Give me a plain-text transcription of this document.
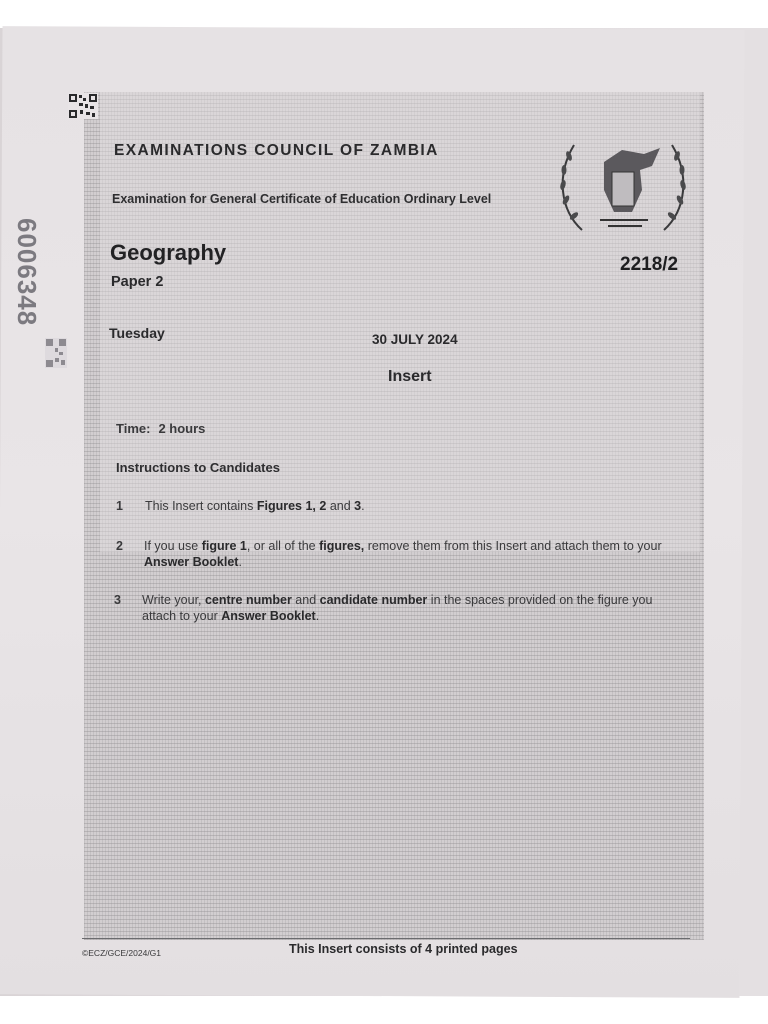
6006348
EXAMINATIONS COUNCIL OF ZAMBIA
Examination for General Certificate of Education Ordinary Level
Geography
Paper 2
2218/2
Tuesday	30 JULY 2024
Insert
Time: 2 hours
Instructions to Candidates
1 This Insert contains Figures 1, 2 and 3.
2 If you use figure 1, or all of the figures, remove them from this Insert and attach them to your Answer Booklet.
3 Write your, centre number and candidate number in the spaces provided on the figure you attach to your Answer Booklet.
©ECZ/GCE/2024/G1	This Insert consists of 4 printed pages
